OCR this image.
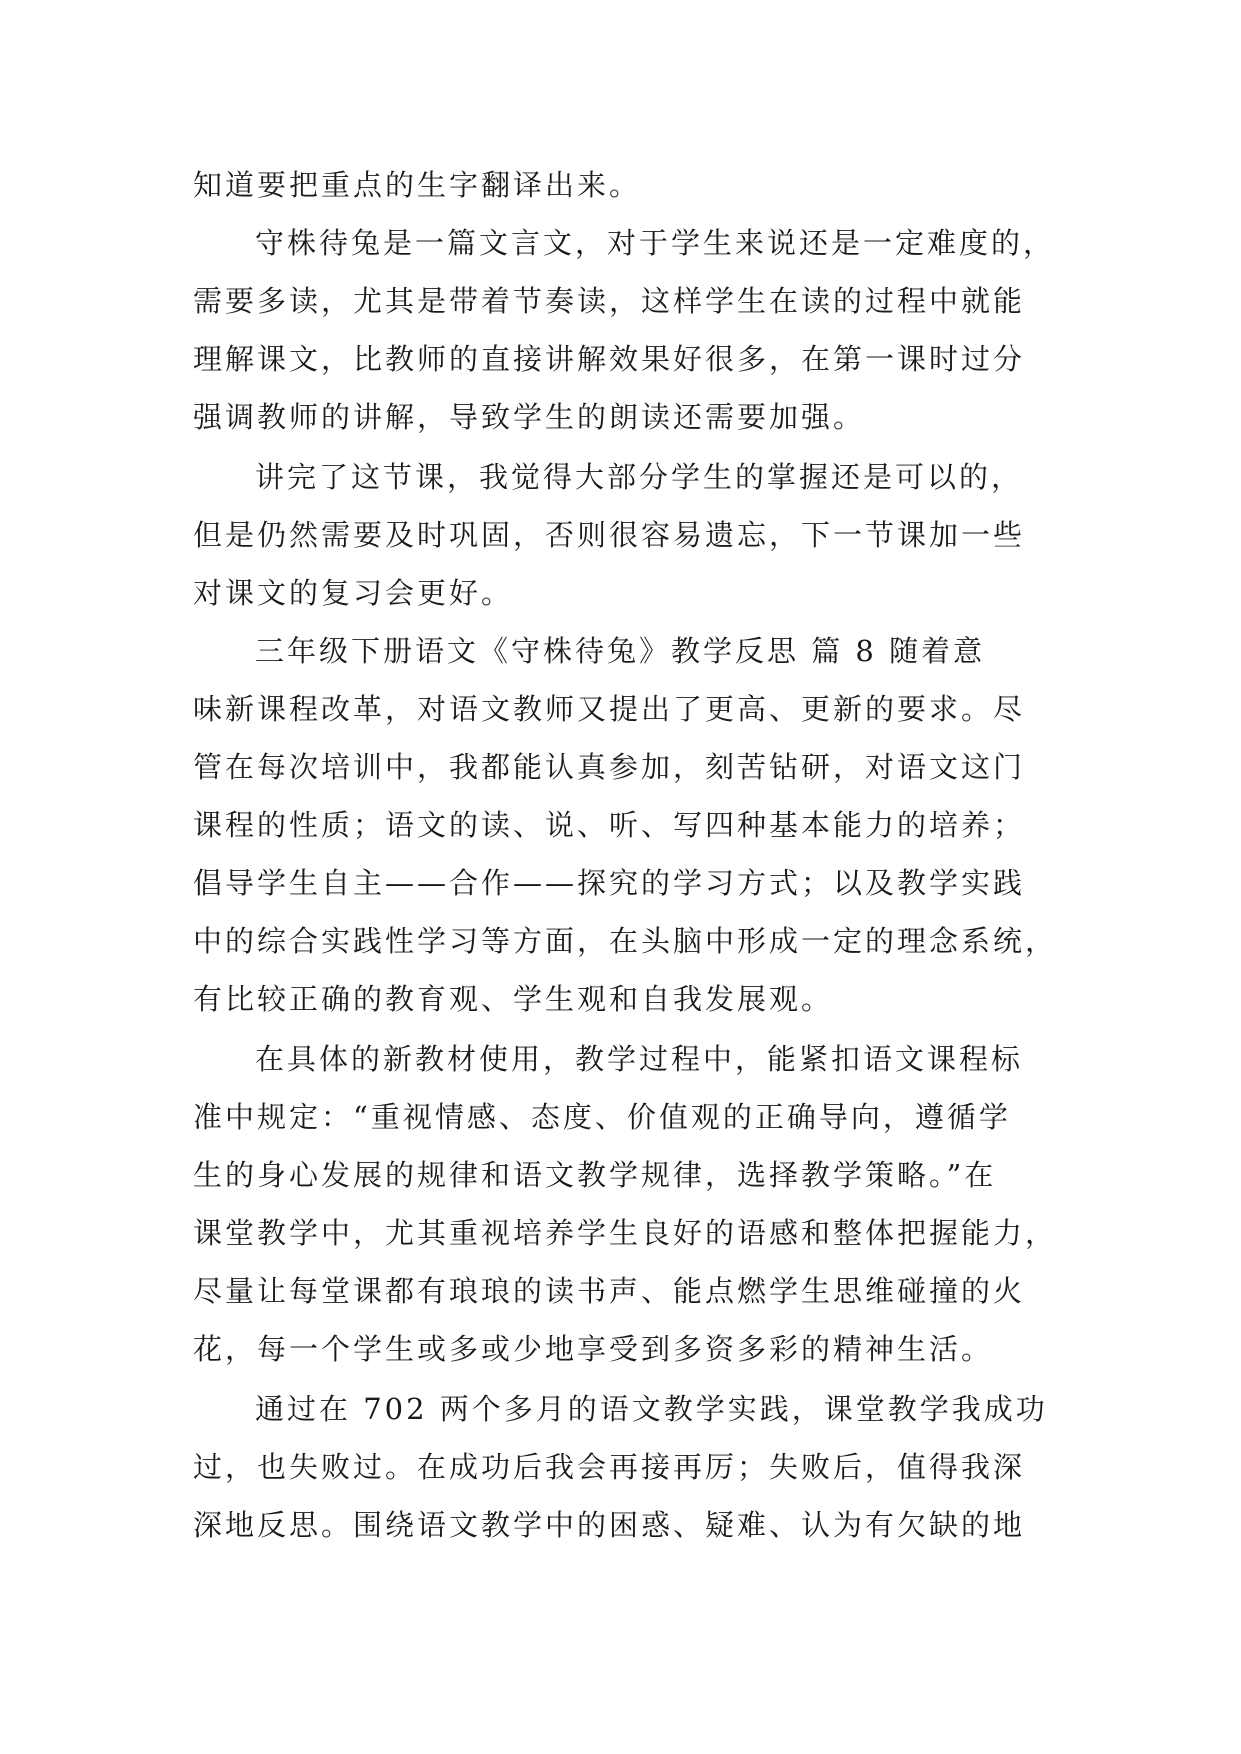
知道要把重点的生字翻译出来。
守株待兔是一篇文言文，对于学生来说还是一定难度的，
需要多读，尤其是带着节奏读，这样学生在读的过程中就能
理解课文，比教师的直接讲解效果好很多，在第一课时过分
强调教师的讲解，导致学生的朗读还需要加强。
讲完了这节课，我觉得大部分学生的掌握还是可以的，
但是仍然需要及时巩固，否则很容易遗忘，下一节课加一些
对课文的复习会更好。
三年级下册语文《守株待兔》教学反思 篇 8 随着意
味新课程改革，对语文教师又提出了更高、更新的要求。尽
管在每次培训中，我都能认真参加，刻苦钻研，对语文这门
课程的性质；语文的读、说、听、写四种基本能力的培养；
倡导学生自主——合作——探究的学习方式；以及教学实践
中的综合实践性学习等方面，在头脑中形成一定的理念系统，
有比较正确的教育观、学生观和自我发展观。
在具体的新教材使用，教学过程中，能紧扣语文课程标
准中规定：“重视情感、态度、价值观的正确导向，遵循学
生的身心发展的规律和语文教学规律，选择教学策略。”在
课堂教学中，尤其重视培养学生良好的语感和整体把握能力，
尽量让每堂课都有琅琅的读书声、能点燃学生思维碰撞的火
花，每一个学生或多或少地享受到多资多彩的精神生活。
通过在 702 两个多月的语文教学实践，课堂教学我成功
过，也失败过。在成功后我会再接再厉；失败后，值得我深
深地反思。围绕语文教学中的困惑、疑难、认为有欠缺的地
